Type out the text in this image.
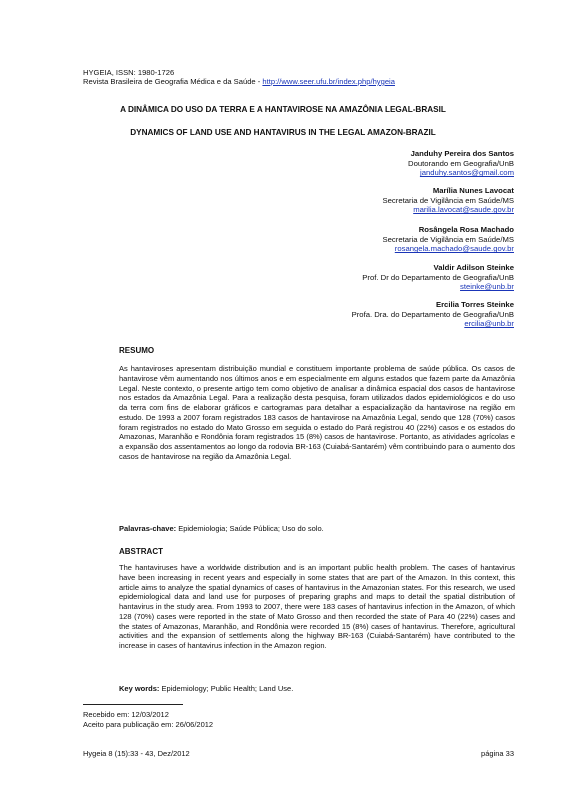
HYGEIA, ISSN: 1980-1726
Revista Brasileira de Geografia Médica e da Saúde - http://www.seer.ufu.br/index.php/hygeia
A DINÂMICA DO USO DA TERRA E A HANTAVIROSE NA AMAZÔNIA LEGAL-BRASIL
DYNAMICS OF LAND USE AND HANTAVIRUS IN THE LEGAL AMAZON-BRAZIL
Janduhy Pereira dos Santos
Doutorando em Geografia/UnB
janduhy.santos@gmail.com
Marília Nunes Lavocat
Secretaria de Vigilância em Saúde/MS
marilia.lavocat@saude.gov.br
Rosângela Rosa Machado
Secretaria de Vigilância em Saúde/MS
rosangela.machado@saude.gov.br
Valdir Adilson Steinke
Prof. Dr do Departamento de Geografia/UnB
steinke@unb.br
Ercilia Torres Steinke
Profa. Dra. do Departamento de Geografia/UnB
ercilia@unb.br
RESUMO
As hantaviroses apresentam distribuição mundial e constituem importante problema de saúde pública. Os casos de hantavirose vêm aumentando nos últimos anos e em especialmente em alguns estados que fazem parte da Amazônia Legal. Neste contexto, o presente artigo tem como objetivo de analisar a dinâmica espacial dos casos de hantavirose nos estados da Amazônia Legal. Para a realização desta pesquisa, foram utilizados dados epidemiológicos e do uso da terra com fins de elaborar gráficos e cartogramas para detalhar a espacialização da hantavirose na região em estudo. De 1993 a 2007 foram registrados 183 casos de hantavirose na Amazônia Legal, sendo que 128 (70%) casos foram registrados no estado do Mato Grosso em seguida o estado do Pará registrou 40 (22%) casos e os estados do Amazonas, Maranhão e Rondônia foram registrados 15 (8%) casos de hantavirose. Portanto, as atividades agrícolas e a expansão dos assentamentos ao longo da rodovia BR-163 (Cuiabá-Santarém) vêm contribuindo para o aumento dos casos de hantavirose na região da Amazônia Legal.
Palavras-chave: Epidemiologia; Saúde Pública; Uso do solo.
ABSTRACT
The hantaviruses have a worldwide distribution and is an important public health problem. The cases of hantavirus have been increasing in recent years and especially in some states that are part of the Amazon. In this context, this article aims to analyze the spatial dynamics of cases of hantavirus in the Amazonian states. For this research, we used epidemiological data and land use for purposes of preparing graphs and maps to detail the spatial distribution of hantavirus in the study area. From 1993 to 2007, there were 183 cases of hantavirus infection in the Amazon, of which 128 (70%) cases were reported in the state of Mato Grosso and then recorded the state of Para 40 (22%) cases and the states of Amazonas, Maranhão, and Rondônia were recorded 15 (8%) cases of hantavirus. Therefore, agricultural activities and the expansion of settlements along the highway BR-163 (Cuiabá-Santarém) have contributed to the increase in cases of hantavirus infection in the Amazon region.
Key words: Epidemiology; Public Health; Land Use.
Recebido em: 12/03/2012
Aceito para publicação em: 26/06/2012
Hygeia 8 (15):33 - 43, Dez/2012	página 33
